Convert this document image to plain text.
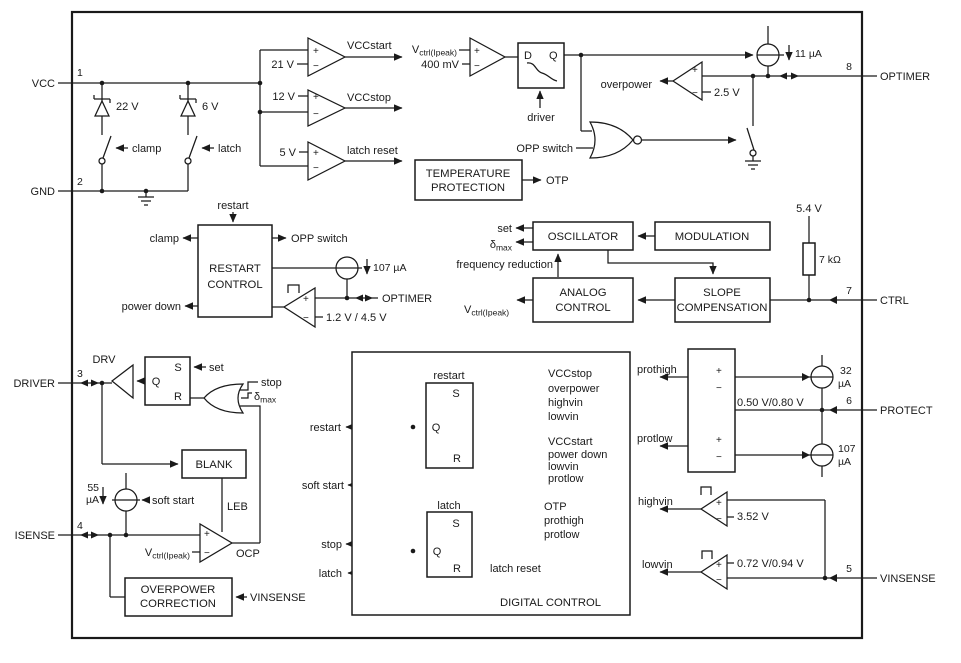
VCC
GND
DRIVER
ISENSE
OPTIMER
CTRL
PROTECT
VINSENSE
1
2
3
4
8
7
6
5
22 V	6 V
clamp	latch
21 V
12 V
5 V
VCCstart
VCCstop
latch reset
+
−
+
−
+
−
$V_{ctrl(Ipeak)}$
400 mV
+
−
D Q
driver
overpower
2.5 V
+
−
OPP switch
11 µA
TEMPERATURE
PROTECTION
OTP
restart
RESTART
CONTROL
clamp
power down
OPP switch
107 µA
OPTIMER
1.2 V / 4.5 V
+
−
OSCILLATOR	MODULATION
set
$\delta_{max}$
frequency reduction
ANALOG
CONTROL
SLOPE
COMPENSATION
$V_{ctrl(Ipeak)}$
5.4 V
7 kΩ
DRV
S
Q
R
set
stop
$\delta_{max}$
BLANK
LEB
55
µA	soft start
OCP
$V_{ctrl(Ipeak)}$
+
−
OVERPOWER
CORRECTION	VINSENSE	DIGITAL CONTROL
restart
soft start
stop
latch
restart
S
Q
R
VCCstop
overpower
highvin
lowvin
VCCstart
power down
lowvin
protlow
latch
S
Q
R
OTP
prothigh
protlow
latch reset
prothigh
protlow
0.50 V/0.80 V
32
µA
107
µA
+
−
+
−
highvin
lowvin
3.52 V
0.72 V/0.94 V
+
−
+
−
